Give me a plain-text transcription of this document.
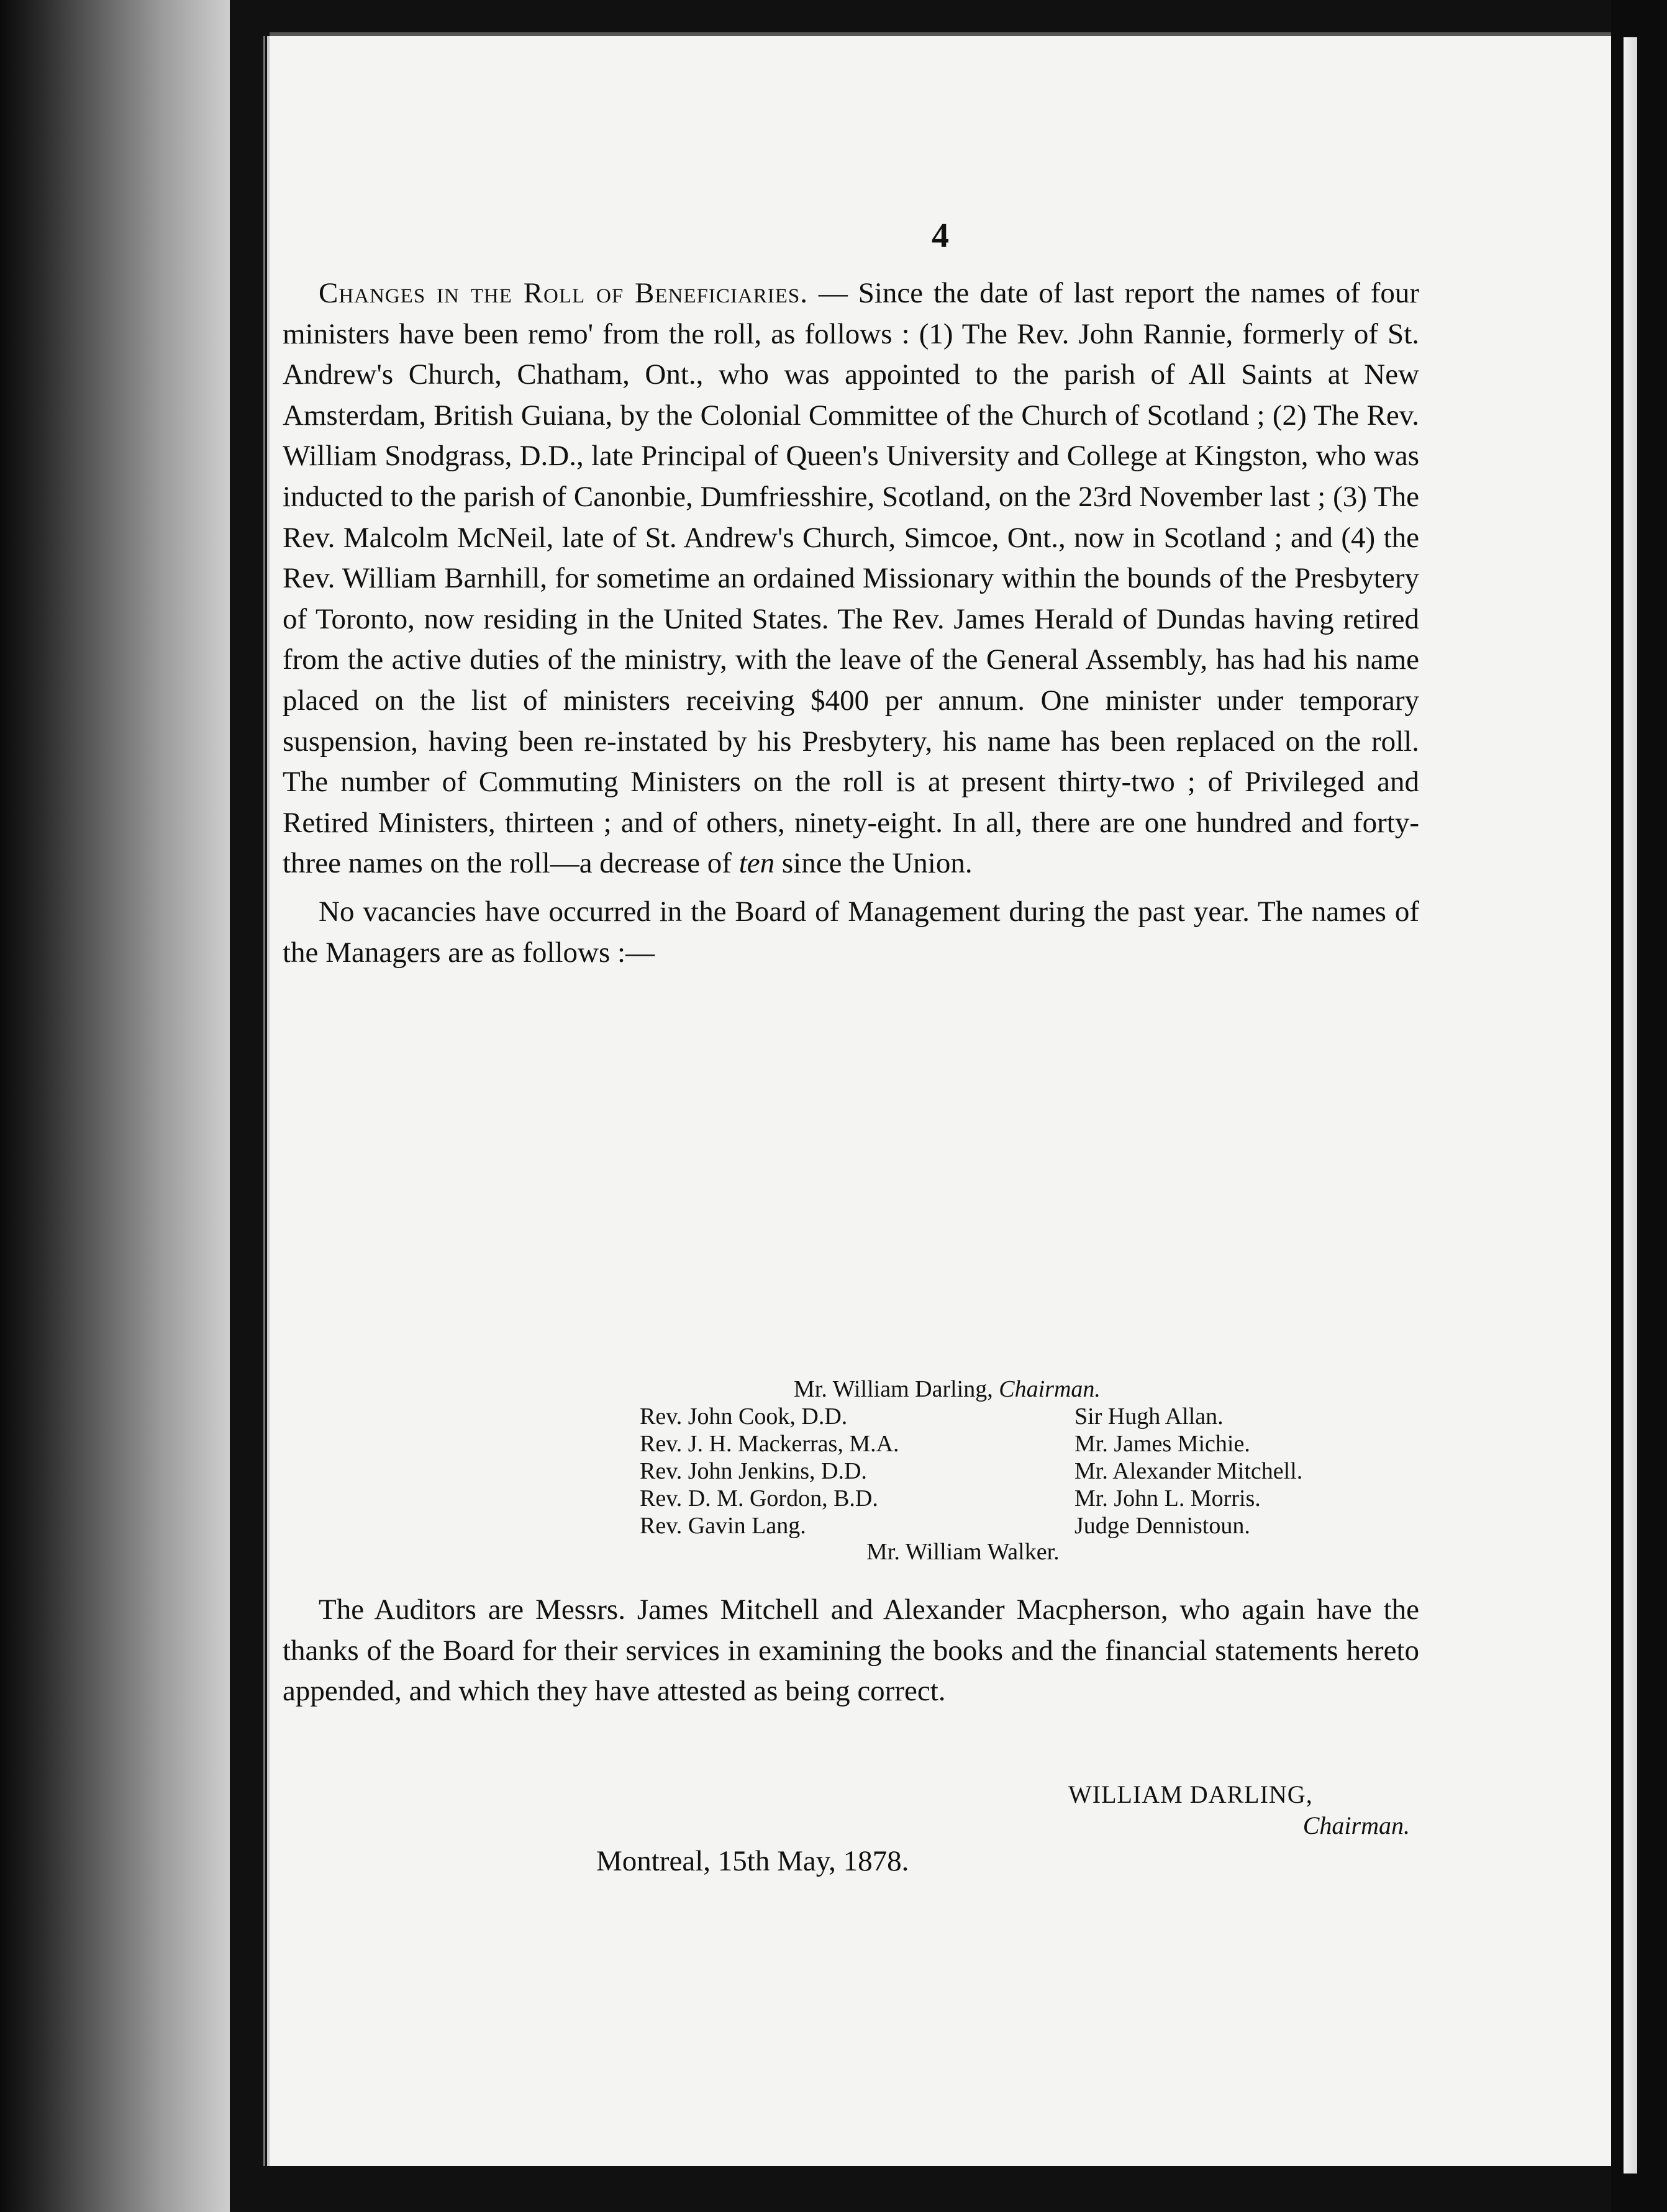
4

Changes in the Roll of Beneficiaries. — Since the date of last report the names of four ministers have been remo' from the roll, as follows : (1) The Rev. John Rannie, formerly of St. Andrew's Church, Chatham, Ont., who was appointed to the parish of All Saints at New Amsterdam, British Guiana, by the Colonial Committee of the Church of Scotland ; (2) The Rev. William Snodgrass, D.D., late Principal of Queen's University and College at Kingston, who was inducted to the parish of Canonbie, Dumfriesshire, Scotland, on the 23rd November last ; (3) The Rev. Malcolm McNeil, late of St. Andrew's Church, Simcoe, Ont., now in Scotland ; and (4) the Rev. William Barnhill, for sometime an ordained Missionary within the bounds of the Presbytery of Toronto, now residing in the United States. The Rev. James Herald of Dundas having retired from the active duties of the ministry, with the leave of the General Assembly, has had his name placed on the list of ministers receiving $400 per annum. One minister under temporary suspension, having been re-instated by his Presbytery, his name has been replaced on the roll. The number of Commuting Ministers on the roll is at present thirty-two ; of Privileged and Retired Ministers, thirteen ; and of others, ninety-eight. In all, there are one hundred and forty-three names on the roll—a decrease of ten since the Union.

No vacancies have occurred in the Board of Management during the past year. The names of the Managers are as follows :—

Mr. William Darling, Chairman.
Rev. John Cook, D.D.
Rev. J. H. Mackerras, M.A.
Rev. John Jenkins, D.D.
Rev. D. M. Gordon, B.D.
Rev. Gavin Lang.
Sir Hugh Allan.
Mr. James Michie.
Mr. Alexander Mitchell.
Mr. John L. Morris.
Judge Dennistoun.
Mr. William Walker.

The Auditors are Messrs. James Mitchell and Alexander Macpherson, who again have the thanks of the Board for their services in examining the books and the financial statements hereto appended, and which they have attested as being correct.

WILLIAM DARLING,
Chairman.
Montreal, 15th May, 1878.
